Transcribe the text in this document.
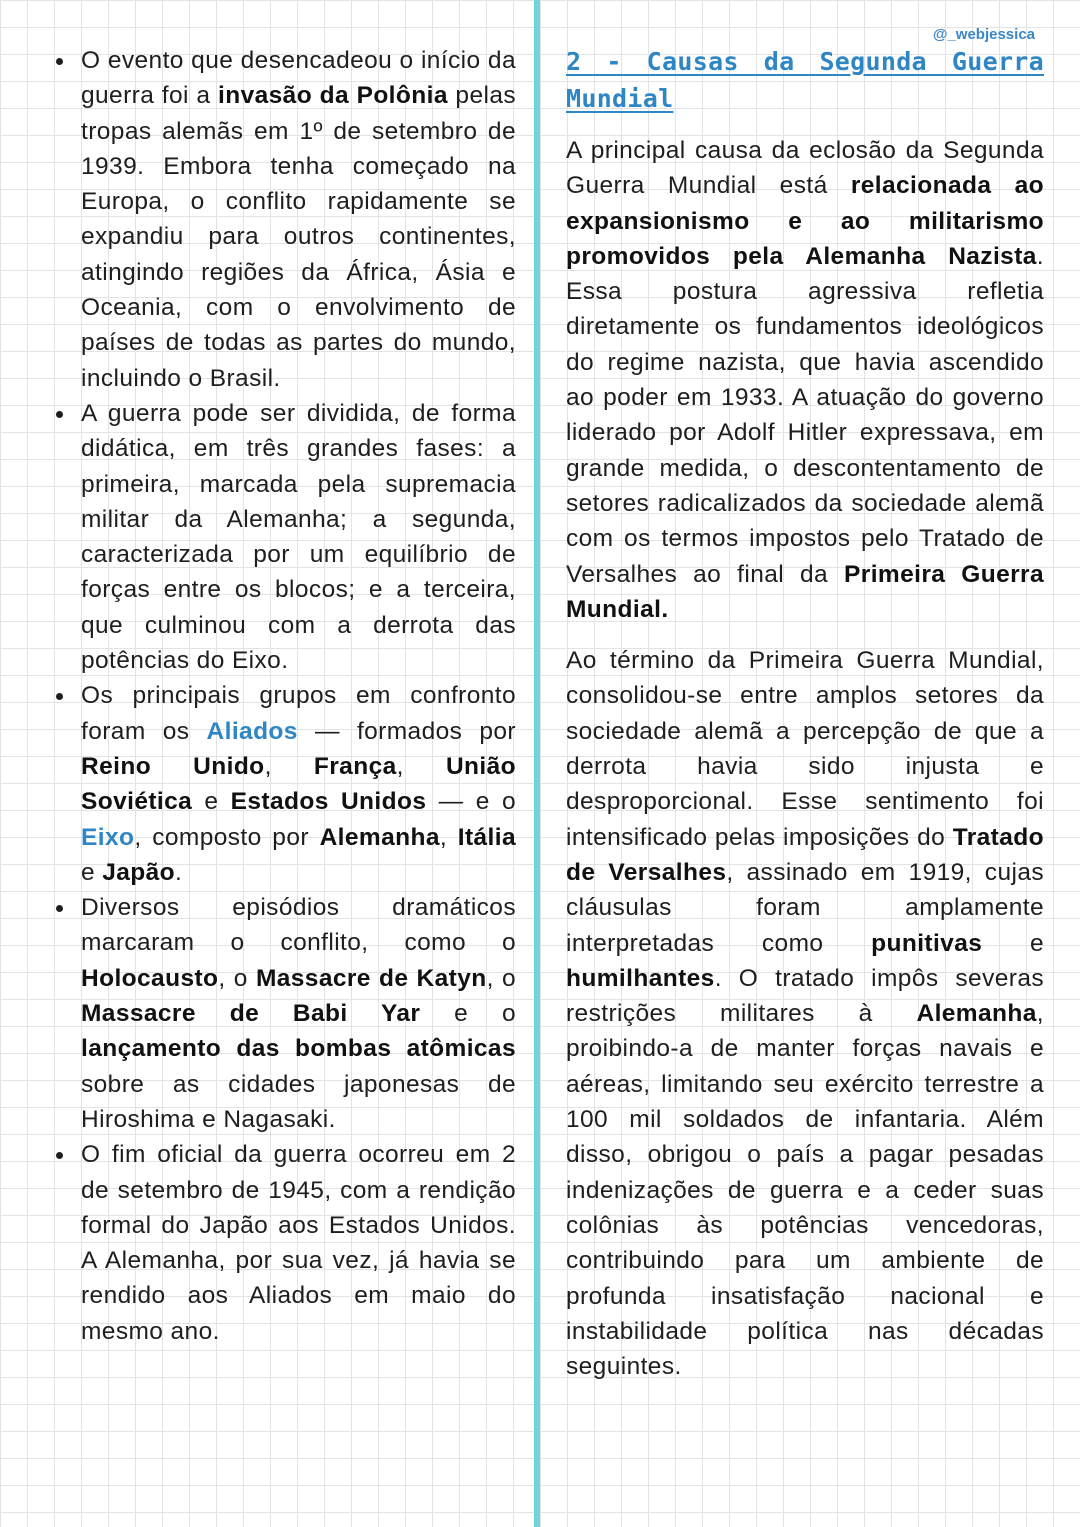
@_webjessica
O evento que desencadeou o início da guerra foi a invasão da Polônia pelas tropas alemãs em 1º de setembro de 1939. Embora tenha começado na Europa, o conflito rapidamente se expandiu para outros continentes, atingindo regiões da África, Ásia e Oceania, com o envolvimento de países de todas as partes do mundo, incluindo o Brasil.
A guerra pode ser dividida, de forma didática, em três grandes fases: a primeira, marcada pela supremacia militar da Alemanha; a segunda, caracterizada por um equilíbrio de forças entre os blocos; e a terceira, que culminou com a derrota das potências do Eixo.
Os principais grupos em confronto foram os Aliados — formados por Reino Unido, França, União Soviética e Estados Unidos — e o Eixo, composto por Alemanha, Itália e Japão.
Diversos episódios dramáticos marcaram o conflito, como o Holocausto, o Massacre de Katyn, o Massacre de Babi Yar e o lançamento das bombas atômicas sobre as cidades japonesas de Hiroshima e Nagasaki.
O fim oficial da guerra ocorreu em 2 de setembro de 1945, com a rendição formal do Japão aos Estados Unidos. A Alemanha, por sua vez, já havia se rendido aos Aliados em maio do mesmo ano.
2 - Causas da Segunda Guerra Mundial

A principal causa da eclosão da Segunda Guerra Mundial está relacionada ao expansionismo e ao militarismo promovidos pela Alemanha Nazista. Essa postura agressiva refletia diretamente os fundamentos ideológicos do regime nazista, que havia ascendido ao poder em 1933. A atuação do governo liderado por Adolf Hitler expressava, em grande medida, o descontentamento de setores radicalizados da sociedade alemã com os termos impostos pelo Tratado de Versalhes ao final da Primeira Guerra Mundial.

Ao término da Primeira Guerra Mundial, consolidou-se entre amplos setores da sociedade alemã a percepção de que a derrota havia sido injusta e desproporcional. Esse sentimento foi intensificado pelas imposições do Tratado de Versalhes, assinado em 1919, cujas cláusulas foram amplamente interpretadas como punitivas e humilhantes. O tratado impôs severas restrições militares à Alemanha, proibindo-a de manter forças navais e aéreas, limitando seu exército terrestre a 100 mil soldados de infantaria. Além disso, obrigou o país a pagar pesadas indenizações de guerra e a ceder suas colônias às potências vencedoras, contribuindo para um ambiente de profunda insatisfação nacional e instabilidade política nas décadas seguintes.
